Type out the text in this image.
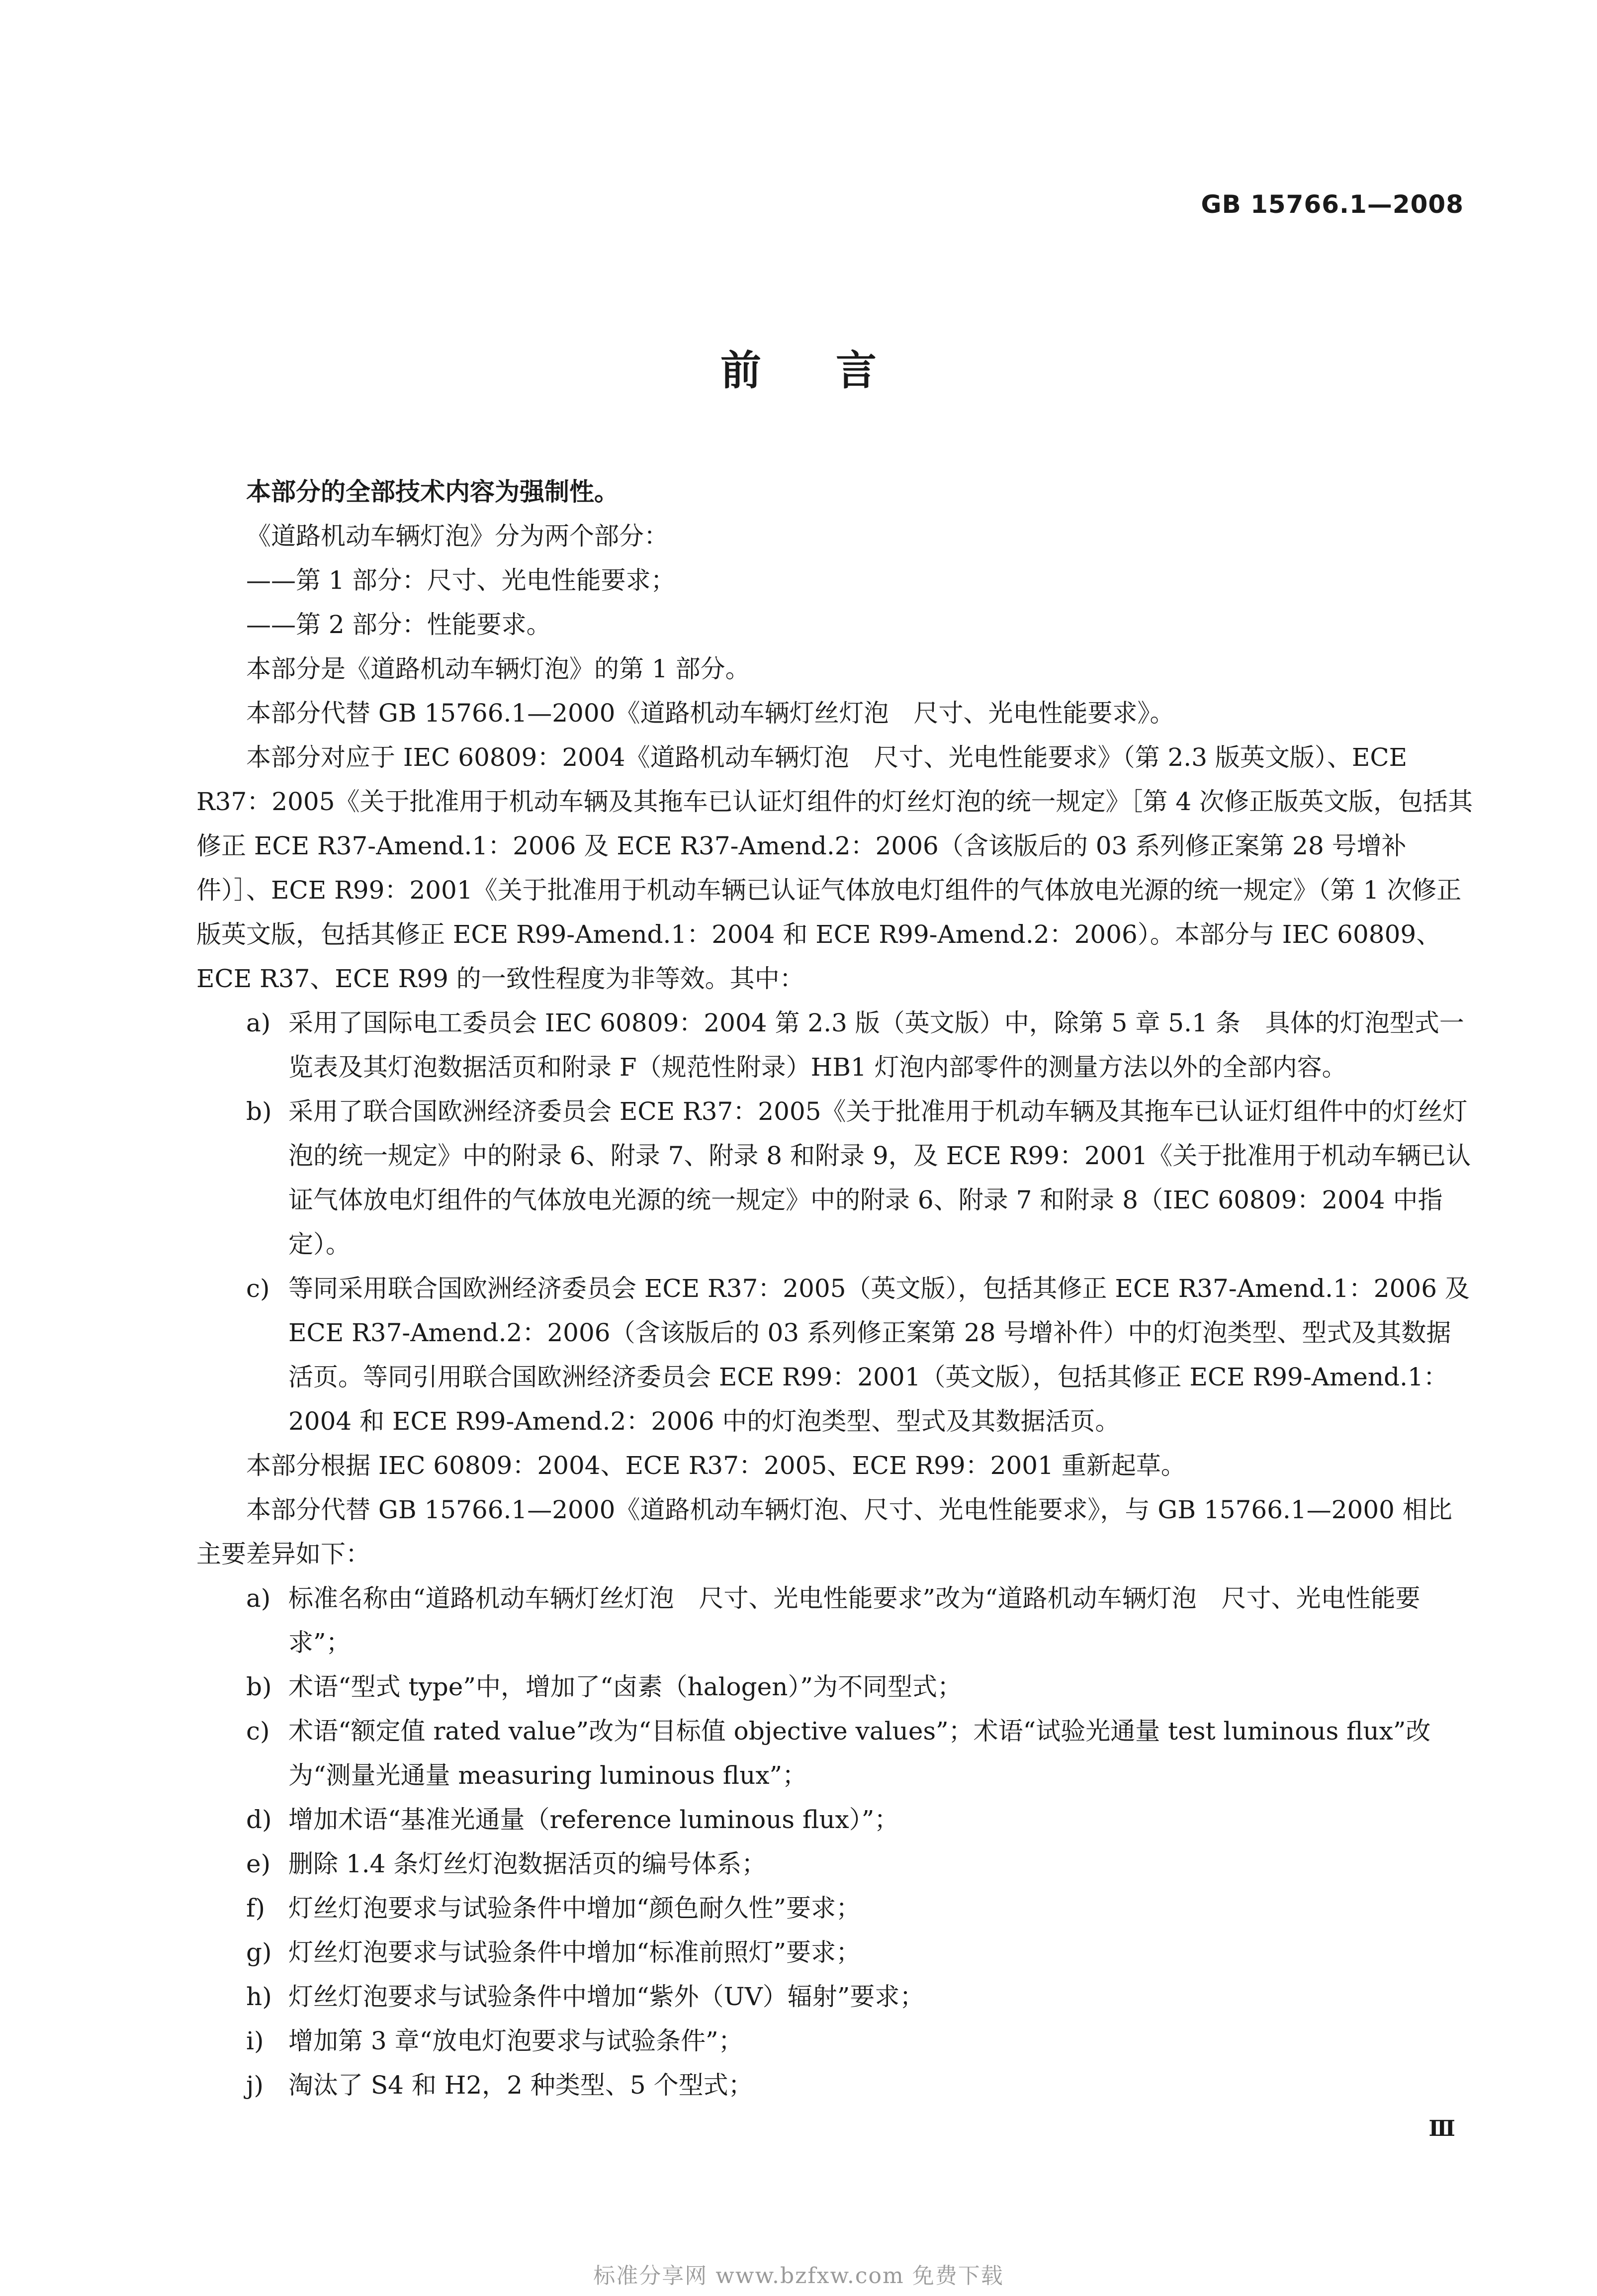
GB 15766.1—2008
前言

本部分的全部技术内容为强制性。

《道路机动车辆灯泡》分为两个部分：

——第 1 部分：尺寸、光电性能要求；

——第 2 部分：性能要求。

本部分是《道路机动车辆灯泡》的第 1 部分。

本部分代替 GB 15766.1—2000《道路机动车辆灯丝灯泡　尺寸、光电性能要求》。

本部分对应于 IEC 60809：2004《道路机动车辆灯泡　尺寸、光电性能要求》（第 2.3 版英文版）、ECE R37：2005《关于批准用于机动车辆及其拖车已认证灯组件的灯丝灯泡的统一规定》［第 4 次修正版英文版，包括其修正 ECE R37-Amend.1：2006 及 ECE R37-Amend.2：2006（含该版后的 03 系列修正案第 28 号增补件）］、ECE R99：2001《关于批准用于机动车辆已认证气体放电灯组件的气体放电光源的统一规定》（第 1 次修正版英文版，包括其修正 ECE R99-Amend.1：2004 和 ECE R99-Amend.2：2006）。本部分与 IEC 60809、ECE R37、ECE R99 的一致性程度为非等效。其中：

a) 采用了国际电工委员会 IEC 60809：2004 第 2.3 版（英文版）中，除第 5 章 5.1 条　具体的灯泡型式一览表及其灯泡数据活页和附录 F（规范性附录）HB1 灯泡内部零件的测量方法以外的全部内容。

b) 采用了联合国欧洲经济委员会 ECE R37：2005《关于批准用于机动车辆及其拖车已认证灯组件中的灯丝灯泡的统一规定》中的附录 6、附录 7、附录 8 和附录 9，及 ECE R99：2001《关于批准用于机动车辆已认证气体放电灯组件的气体放电光源的统一规定》中的附录 6、附录 7 和附录 8（IEC 60809：2004 中指定）。

c) 等同采用联合国欧洲经济委员会 ECE R37：2005（英文版），包括其修正 ECE R37-Amend.1：2006 及 ECE R37-Amend.2：2006（含该版后的 03 系列修正案第 28 号增补件）中的灯泡类型、型式及其数据活页。等同引用联合国欧洲经济委员会 ECE R99：2001（英文版），包括其修正 ECE R99-Amend.1：2004 和 ECE R99-Amend.2：2006 中的灯泡类型、型式及其数据活页。

本部分根据 IEC 60809：2004、ECE R37：2005、ECE R99：2001 重新起草。

本部分代替 GB 15766.1—2000《道路机动车辆灯泡、尺寸、光电性能要求》，与 GB 15766.1—2000 相比主要差异如下：

a) 标准名称由“道路机动车辆灯丝灯泡　尺寸、光电性能要求”改为“道路机动车辆灯泡　尺寸、光电性能要求”；

b) 术语“型式 type”中，增加了“卤素（halogen）”为不同型式；

c) 术语“额定值 rated value”改为“目标值 objective values”；术语“试验光通量 test luminous flux”改为“测量光通量 measuring luminous flux”；

d) 增加术语“基准光通量（reference luminous flux）”；

e) 删除 1.4 条灯丝灯泡数据活页的编号体系；

f) 灯丝灯泡要求与试验条件中增加“颜色耐久性”要求；

g) 灯丝灯泡要求与试验条件中增加“标准前照灯”要求；

h) 灯丝灯泡要求与试验条件中增加“紫外（UV）辐射”要求；

i) 增加第 3 章“放电灯泡要求与试验条件”；

j) 淘汰了 S4 和 H2，2 种类型、5 个型式；

Ⅲ
标准分享网 www.bzfxw.com 免费下载
